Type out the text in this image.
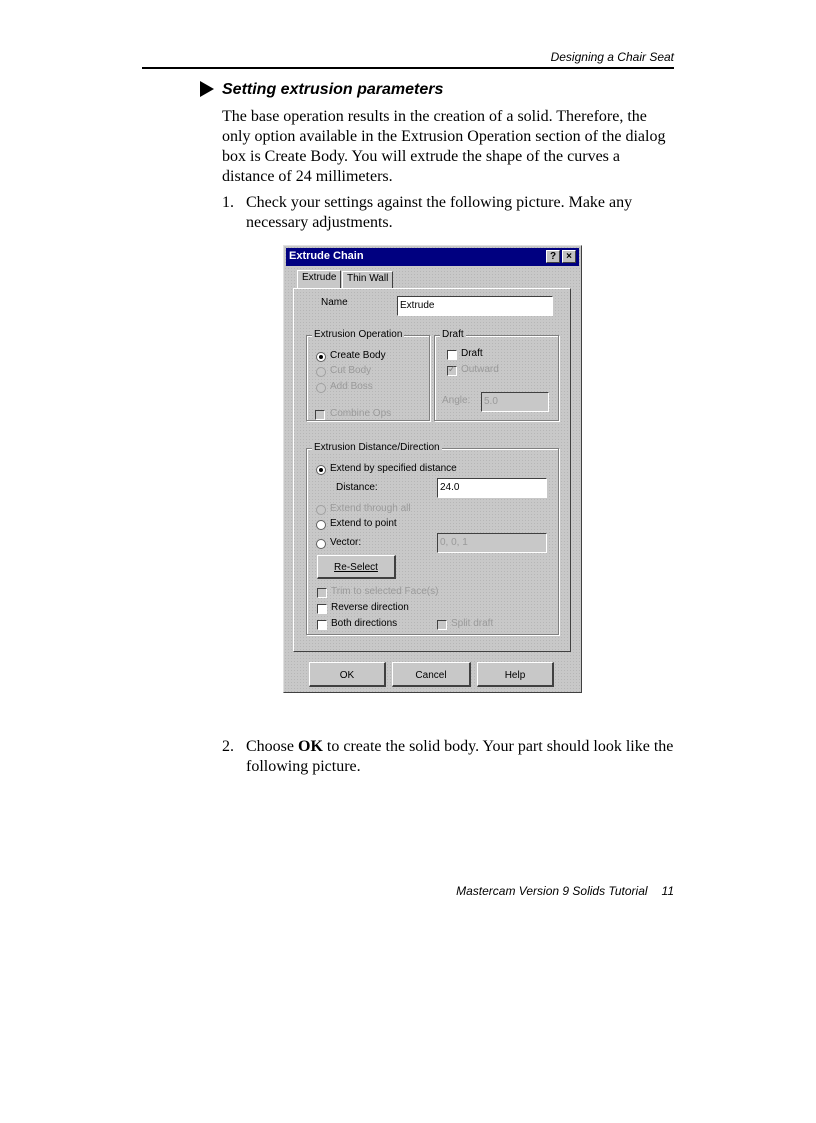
Designing a Chair Seat
Setting extrusion parameters

The base operation results in the creation of a solid. Therefore, the only option available in the Extrusion Operation section of the dialog box is Create Body. You will extrude the shape of the curves a distance of 24 millimeters.

1. Check your settings against the following picture. Make any necessary adjustments.
Extrude Chain	?	×
Extrude	Thin Wall
Name	Extrude
Extrusion Operation
Create Body
Cut Body
Add Boss
Combine Ops
Draft
Draft
✓
Outward
Angle:	5.0
Extrusion Distance/Direction
Extend by specified distance
Distance:	24.0
Extend through all
Extend to point
Vector:	0, 0, 1
Re-Select
Trim to selected Face(s)
Reverse direction
Both directions	Split draft
OK	Cancel	Help
2. Choose OK to create the solid body. Your part should look like the following picture.
Mastercam Version 9 Solids Tutorial 11
